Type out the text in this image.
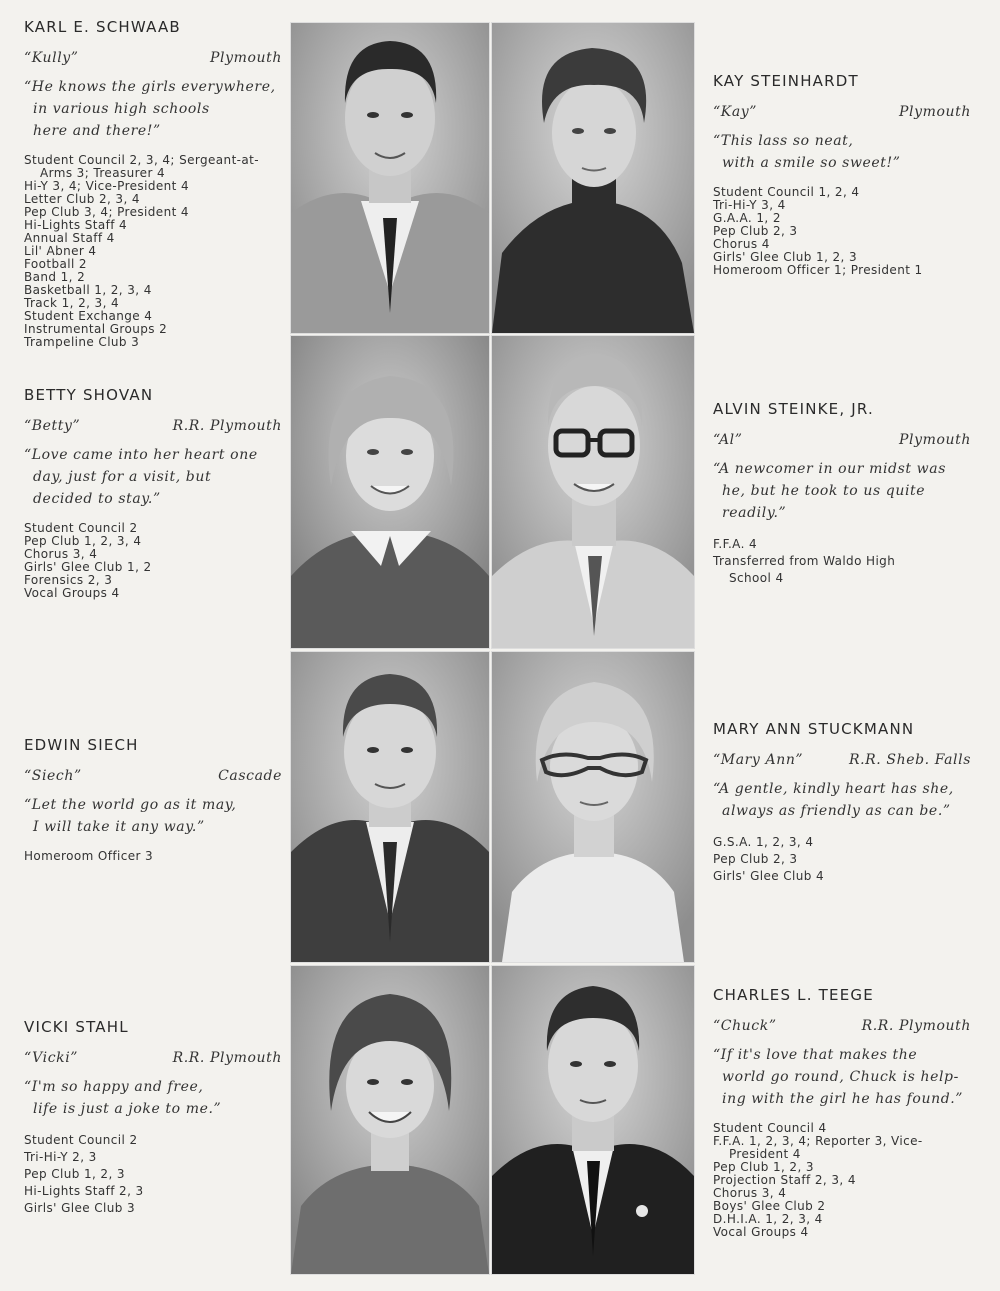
KARL E. SCHWAAB
“Kully”	Plymouth
“He knows the girls everywhere,
in various high schools
here and there!”
Student Council 2, 3, 4; Sergeant-at-
Arms 3; Treasurer 4
Hi-Y 3, 4; Vice-President 4
Letter Club 2, 3, 4
Pep Club 3, 4; President 4
Hi-Lights Staff 4
Annual Staff 4
Lil' Abner 4
Football 2
Band 1, 2
Basketball 1, 2, 3, 4
Track 1, 2, 3, 4
Student Exchange 4
Instrumental Groups 2
Trampeline Club 3
KAY STEINHARDT
“Kay”	Plymouth
“This lass so neat,
with a smile so sweet!”
Student Council 1, 2, 4
Tri-Hi-Y 3, 4
G.A.A. 1, 2
Pep Club 2, 3
Chorus 4
Girls' Glee Club 1, 2, 3
Homeroom Officer 1; President 1
BETTY SHOVAN
“Betty”	R.R. Plymouth
“Love came into her heart one
day, just for a visit, but
decided to stay.”
Student Council 2
Pep Club 1, 2, 3, 4
Chorus 3, 4
Girls' Glee Club 1, 2
Forensics 2, 3
Vocal Groups 4
ALVIN STEINKE, JR.
“Al”	Plymouth
“A newcomer in our midst was
he, but he took to us quite
readily.”
F.F.A. 4
Transferred from Waldo High
School 4
EDWIN SIECH
“Siech”	Cascade
“Let the world go as it may,
I will take it any way.”
Homeroom Officer 3
MARY ANN STUCKMANN
“Mary Ann”	R.R. Sheb. Falls
“A gentle, kindly heart has she,
always as friendly as can be.”
G.S.A. 1, 2, 3, 4
Pep Club 2, 3
Girls' Glee Club 4
VICKI STAHL
“Vicki”	R.R. Plymouth
“I'm so happy and free,
life is just a joke to me.”
Student Council 2
Tri-Hi-Y 2, 3
Pep Club 1, 2, 3
Hi-Lights Staff 2, 3
Girls' Glee Club 3
CHARLES L. TEEGE
“Chuck”	R.R. Plymouth
“If it's love that makes the
world go round, Chuck is help-
ing with the girl he has found.”
Student Council 4
F.F.A. 1, 2, 3, 4; Reporter 3, Vice-
President 4
Pep Club 1, 2, 3
Projection Staff 2, 3, 4
Chorus 3, 4
Boys' Glee Club 2
D.H.I.A. 1, 2, 3, 4
Vocal Groups 4
